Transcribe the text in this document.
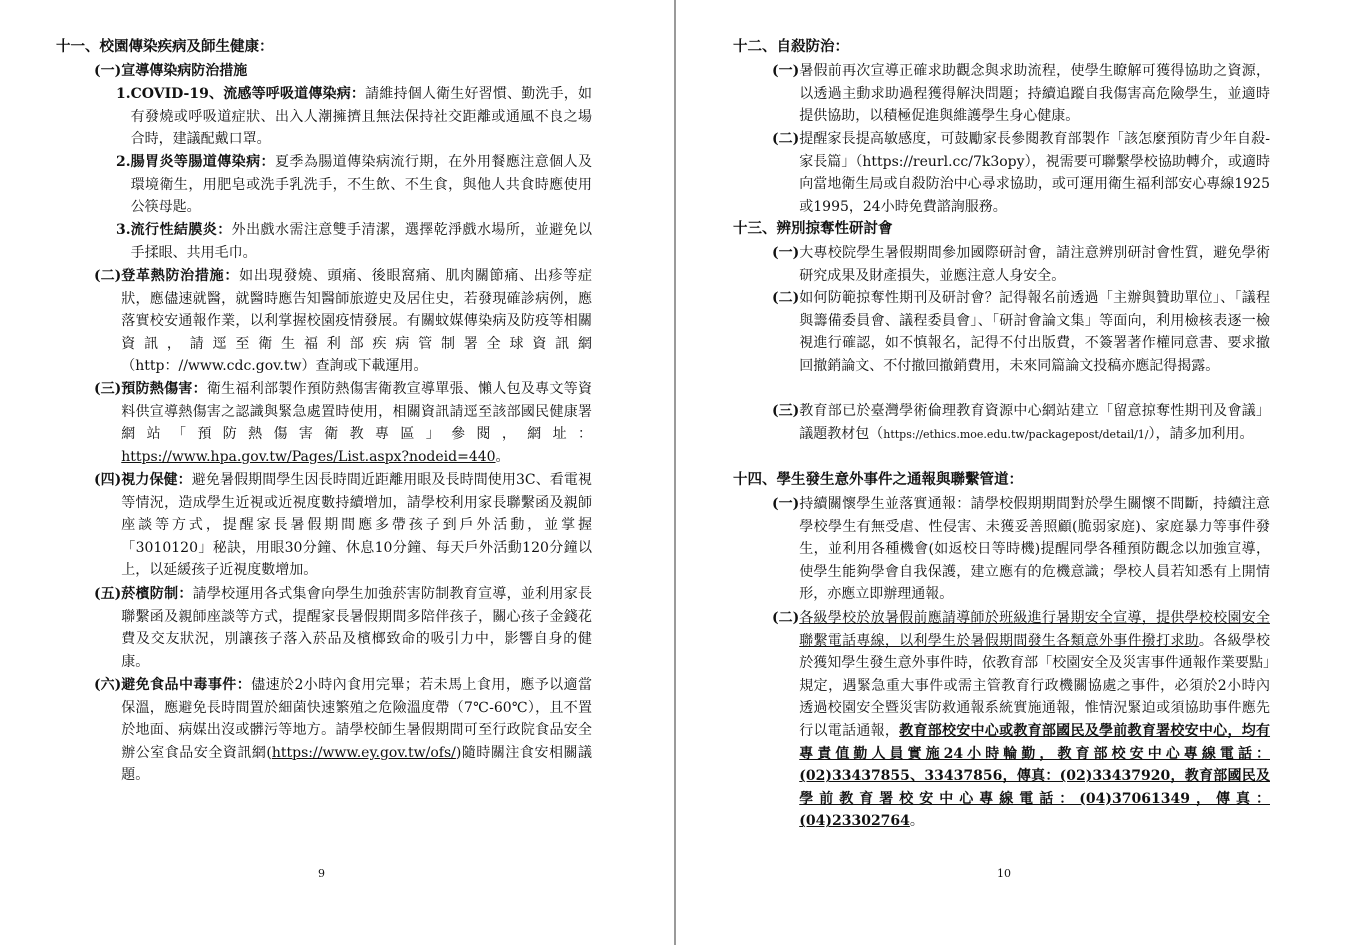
十一、校園傳染疾病及師生健康：
(一)宣導傳染病防治措施
1. COVID-19、流感等呼吸道傳染病：請維持個人衛生好習慣、勤洗手，如有發燒或呼吸道症狀、出入人潮擁擠且無法保持社交距離或通風不良之場合時，建議配戴口罩。
2. 腸胃炎等腸道傳染病：夏季為腸道傳染病流行期，在外用餐應注意個人及環境衛生，用肥皂或洗手乳洗手，不生飲、不生食，與他人共食時應使用公筷母匙。
3. 流行性結膜炎：外出戲水需注意雙手清潔，選擇乾淨戲水場所，並避免以手揉眼、共用毛巾。
(二) 登革熱防治措施：如出現發燒、頭痛、後眼窩痛、肌肉關節痛、出疹等症狀，應儘速就醫，就醫時應告知醫師旅遊史及居住史，若發現確診病例，應落實校安通報作業，以利掌握校園疫情發展。有關蚊媒傳染病及防疫等相關資訊，請逕至衛生福利部疾病管制署全球資訊網（http：//www.cdc.gov.tw）查詢或下載運用。
(三) 預防熱傷害：衛生福利部製作預防熱傷害衛教宣導單張、懶人包及專文等資料供宣導熱傷害之認識與緊急處置時使用，相關資訊請逕至該部國民健康署網站「預防熱傷害衛教專區」參閱，網址：https://www.hpa.gov.tw/Pages/List.aspx?nodeid=440。
(四) 視力保健：避免暑假期間學生因長時間近距離用眼及長時間使用3C、看電視等情況，造成學生近視或近視度數持續增加，請學校利用家長聯繫函及親師座談等方式，提醒家長暑假期間應多帶孩子到戶外活動，並掌握「3010120」秘訣，用眼30分鐘、休息10分鐘、每天戶外活動120分鐘以上，以延緩孩子近視度數增加。
(五) 菸檳防制：請學校運用各式集會向學生加強菸害防制教育宣導，並利用家長聯繫函及親師座談等方式，提醒家長暑假期間多陪伴孩子，關心孩子金錢花費及交友狀況，別讓孩子落入菸品及檳榔致命的吸引力中，影響自身的健康。
(六) 避免食品中毒事件：儘速於2小時內食用完畢；若未馬上食用，應予以適當保溫，應避免長時間置於細菌快速繁殖之危險溫度帶（7℃-60℃），且不置於地面、病媒出沒或髒污等地方。請學校師生暑假期間可至行政院食品安全辦公室食品安全資訊網(https://www.ey.gov.tw/ofs/)隨時關注食安相關議題。
9
十二、自殺防治：
(一) 暑假前再次宣導正確求助觀念與求助流程，使學生瞭解可獲得協助之資源，以透過主動求助過程獲得解決問題；持續追蹤自我傷害高危險學生，並適時提供協助，以積極促進與維護學生身心健康。
(二) 提醒家長提高敏感度，可鼓勵家長參閱教育部製作「該怎麼預防青少年自殺-家長篇」（https://reurl.cc/7k3opy），視需要可聯繫學校協助轉介，或適時向當地衛生局或自殺防治中心尋求協助，或可運用衛生福利部安心專線1925或1995，24小時免費諮詢服務。
十三、辨別掠奪性研討會
(一) 大專校院學生暑假期間參加國際研討會，請注意辨別研討會性質，避免學術研究成果及財產損失，並應注意人身安全。
(二) 如何防範掠奪性期刊及研討會？記得報名前透過「主辦與贊助單位」、「議程與籌備委員會、議程委員會」、「研討會論文集」等面向，利用檢核表逐一檢視進行確認，如不慎報名，記得不付出版費，不簽署著作權同意書、要求撤回撤銷論文、不付撤回撤銷費用，未來同篇論文投稿亦應記得揭露。
(三) 教育部已於臺灣學術倫理教育資源中心網站建立「留意掠奪性期刊及會議」議題教材包（https://ethics.moe.edu.tw/packagepost/detail/1/），請多加利用。
十四、學生發生意外事件之通報與聯繫管道：
(一) 持續關懷學生並落實通報：請學校假期期間對於學生關懷不間斷，持續注意學校學生有無受虐、性侵害、未獲妥善照顧(脆弱家庭)、家庭暴力等事件發生，並利用各種機會(如返校日等時機)提醒同學各種預防觀念以加強宣導，使學生能夠學會自我保護，建立應有的危機意識；學校人員若知悉有上開情形，亦應立即辦理通報。
(二) 各級學校於放暑假前應請導師於班級進行暑期安全宣導，提供學校校園安全聯繫電話專線，以利學生於暑假期間發生各類意外事件撥打求助。各級學校於獲知學生發生意外事件時，依教育部「校園安全及災害事件通報作業要點」規定，遇緊急重大事件或需主管教育行政機關協處之事件，必須於2小時內透過校園安全暨災害防救通報系統實施通報，惟情況緊迫或須協助事件應先行以電話通報，教育部校安中心或教育部國民及學前教育署校安中心，均有專責值勤人員實施24小時輪勤，教育部校安中心專線電話：(02)33437855、33437856，傳真：(02)33437920，教育部國民及學前教育署校安中心專線電話：(04)37061349，傳真：(04)23302764。
10
